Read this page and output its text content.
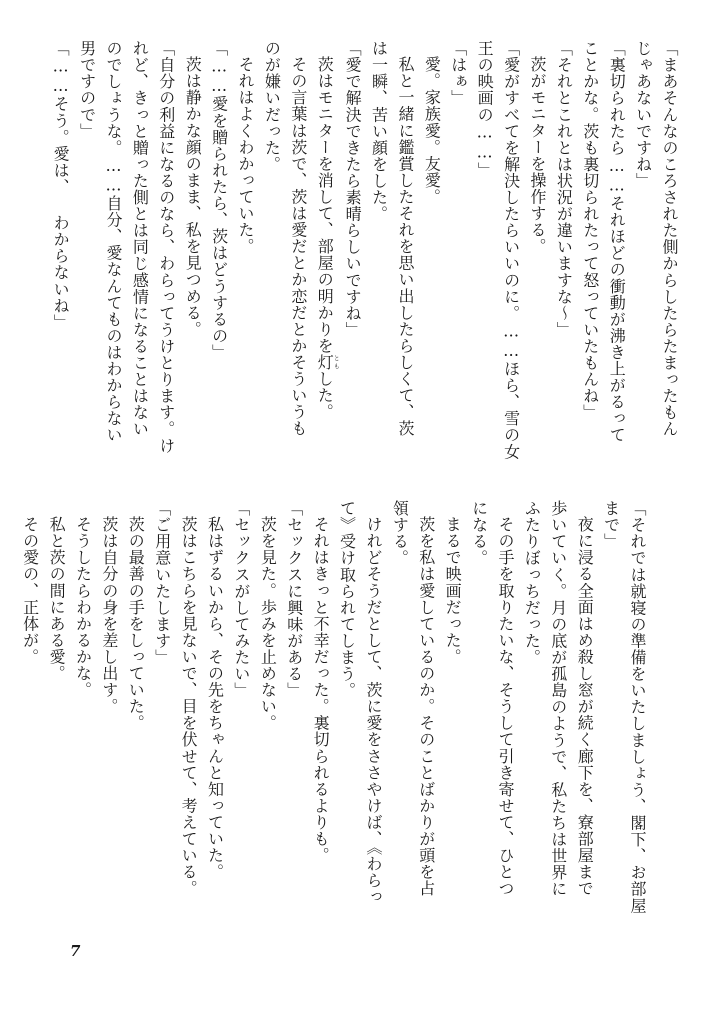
「まあそんなのころされた側からしたらたまったもん
じゃあないですね」
「裏切られたら……それほどの衝動が沸き上がるって
ことかな。茨も裏切られたって怒っていたもんね」
「それとこれとは状況が違いますな〜」
茨がモニターを操作する。
「愛がすべてを解決したらいいのに。……ほら、雪の女
王の映画の……」
「はぁ」
愛。家族愛。友愛。
私と一緒に鑑賞したそれを思い出したらしくて、茨
は一瞬、苦い顔をした。
「愛で解決できたら素晴らしいですね」
茨はモニターを消して、部屋の明かりを灯ともした。
その言葉は茨で、茨は愛だとか恋だとかそういうも
のが嫌いだった。
それはよくわかっていた。
「……愛を贈られたら、茨はどうするの」
茨は静かな顔のまま、私を見つめる。
「自分の利益になるのなら、わらってうけとります。け
れど、きっと贈った側とは同じ感情になることはない
のでしょうな。……自分、愛なんてものはわからない
男ですので」
「……そう。愛は、 わからないね」
「それでは就寝の準備をいたしましょう、閣下、お部屋
まで」
夜に浸る全面はめ殺し窓が続く廊下を、寮部屋まで
歩いていく。月の底が孤島のようで、私たちは世界に
ふたりぼっちだった。
その手を取りたいな、そうして引き寄せて、ひとつ
になる。
まるで映画だった。
茨を私は愛しているのか。そのことばかりが頭を占
領する。
けれどそうだとして、茨に愛をささやけば、《わらっ
て》受け取られてしまう。
それはきっと不幸だった。裏切られるよりも。
「セックスに興味がある」
茨を見た。歩みを止めない。
「セックスがしてみたい」
私はずるいから、その先をちゃんと知っていた。
茨はこちらを見ないで、目を伏せて、考えている。
「ご用意いたします」
茨の最善の手をしっていた。
茨は自分の身を差し出す。
そうしたらわかるかな。
私と茨の間にある愛。
その愛の、正体が。
7
